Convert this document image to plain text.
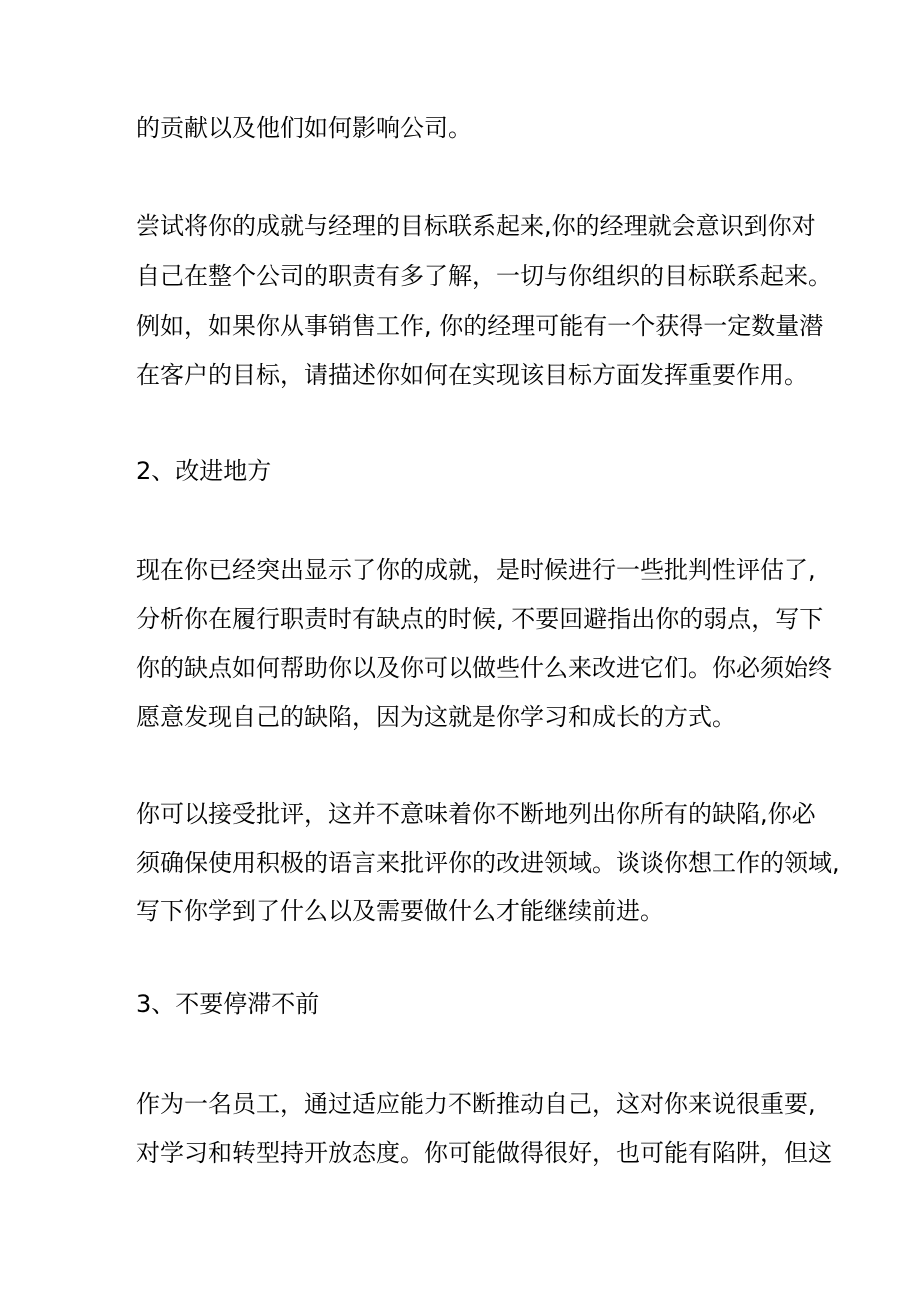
的贡献以及他们如何影响公司。

尝试将你的成就与经理的目标联系起来,你的经理就会意识到你对

自己在整个公司的职责有多了解，一切与你组织的目标联系起来。

例如，如果你从事销售工作, 你的经理可能有一个获得一定数量潜

在客户的目标，请描述你如何在实现该目标方面发挥重要作用。

2、改进地方

现在你已经突出显示了你的成就，是时候进行一些批判性评估了,

分析你在履行职责时有缺点的时候, 不要回避指出你的弱点，写下

你的缺点如何帮助你以及你可以做些什么来改进它们。你必须始终

愿意发现自己的缺陷，因为这就是你学习和成长的方式。

你可以接受批评，这并不意味着你不断地列出你所有的缺陷,你必

须确保使用积极的语言来批评你的改进领域。谈谈你想工作的领域,

写下你学到了什么以及需要做什么才能继续前进。

3、不要停滞不前

作为一名员工，通过适应能力不断推动自己，这对你来说很重要,

对学习和转型持开放态度。你可能做得很好，也可能有陷阱，但这
